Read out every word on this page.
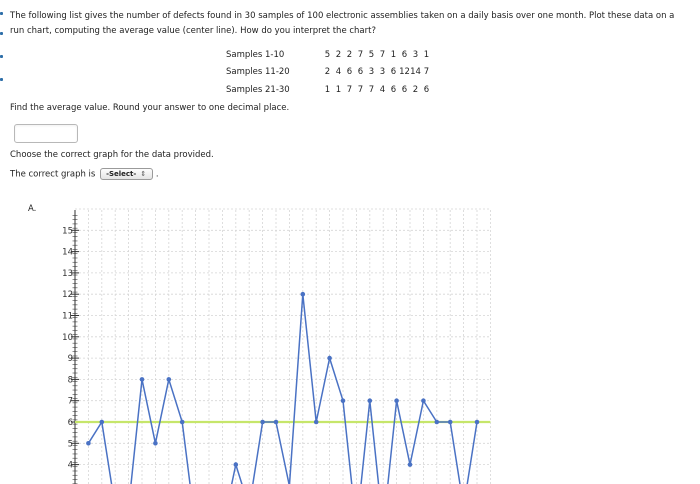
The following list gives the number of defects found in 30 samples of 100 electronic assemblies taken on a daily basis over one month. Plot these data on a run chart, computing the average value (center line). How do you interpret the chart?
Samples 1-10	5	2	2	7	5	7	1	6	3	1
Samples 11-20	2	4	6	6	3	3	6	12	14	7
Samples 21-30	1	1	7	7	7	4	6	6	2	6
Find the average value. Round your answer to one decimal place.
Choose the correct graph for the data provided.
The correct graph is -Select- ⇕ .
A.
4
5
6
7
8
9
10
11
12
13
14
15
